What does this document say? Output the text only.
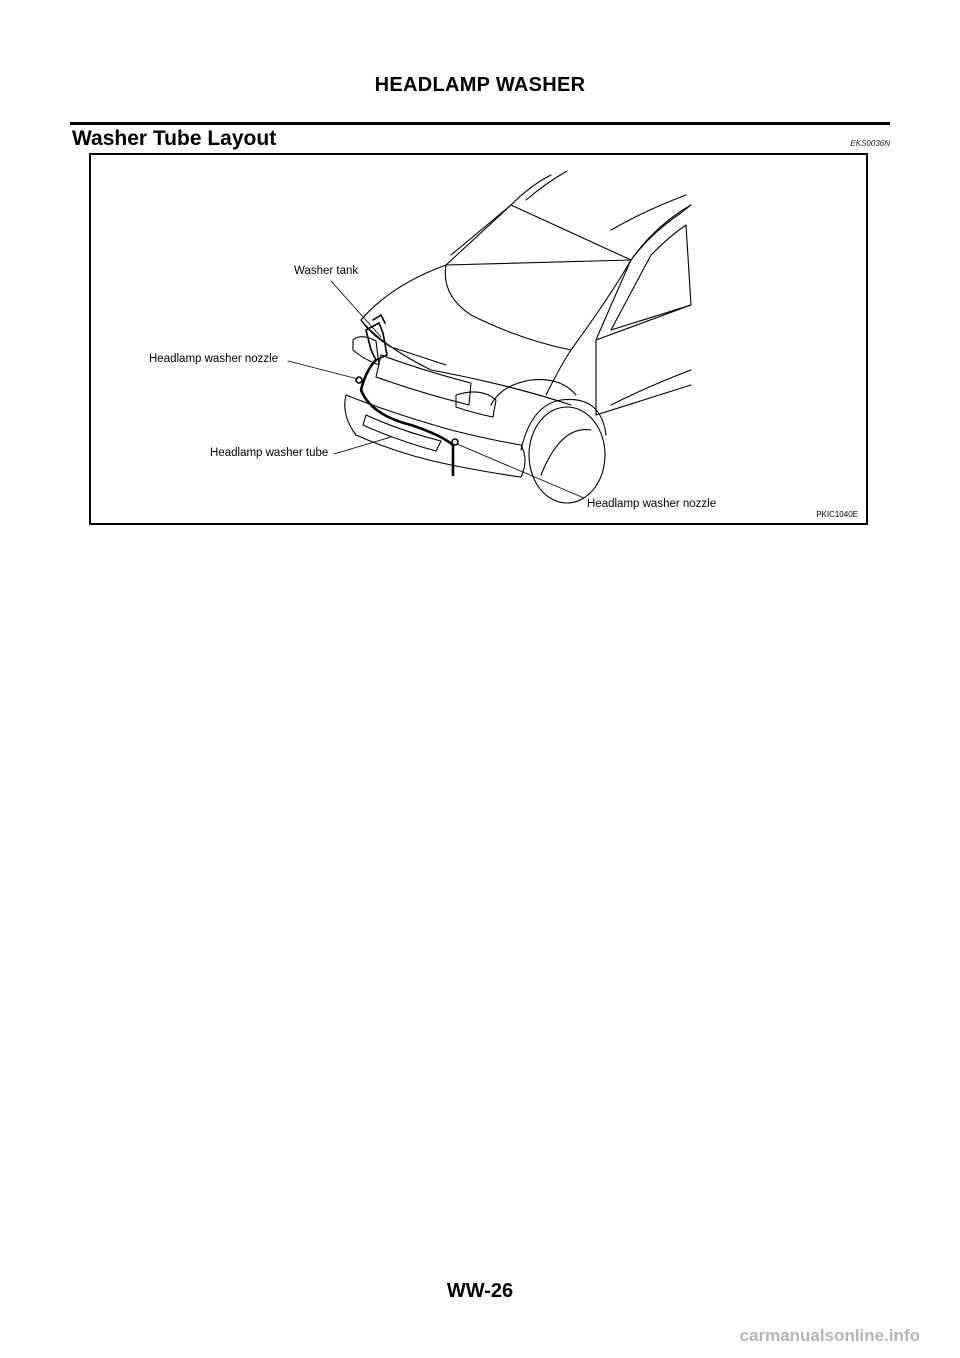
HEADLAMP WASHER
Washer Tube Layout	EKS0036N
Washer tank
Headlamp washer nozzle
Headlamp washer tube
Headlamp washer nozzle
PKIC1040E
WW-26
carmanualsonline.info
